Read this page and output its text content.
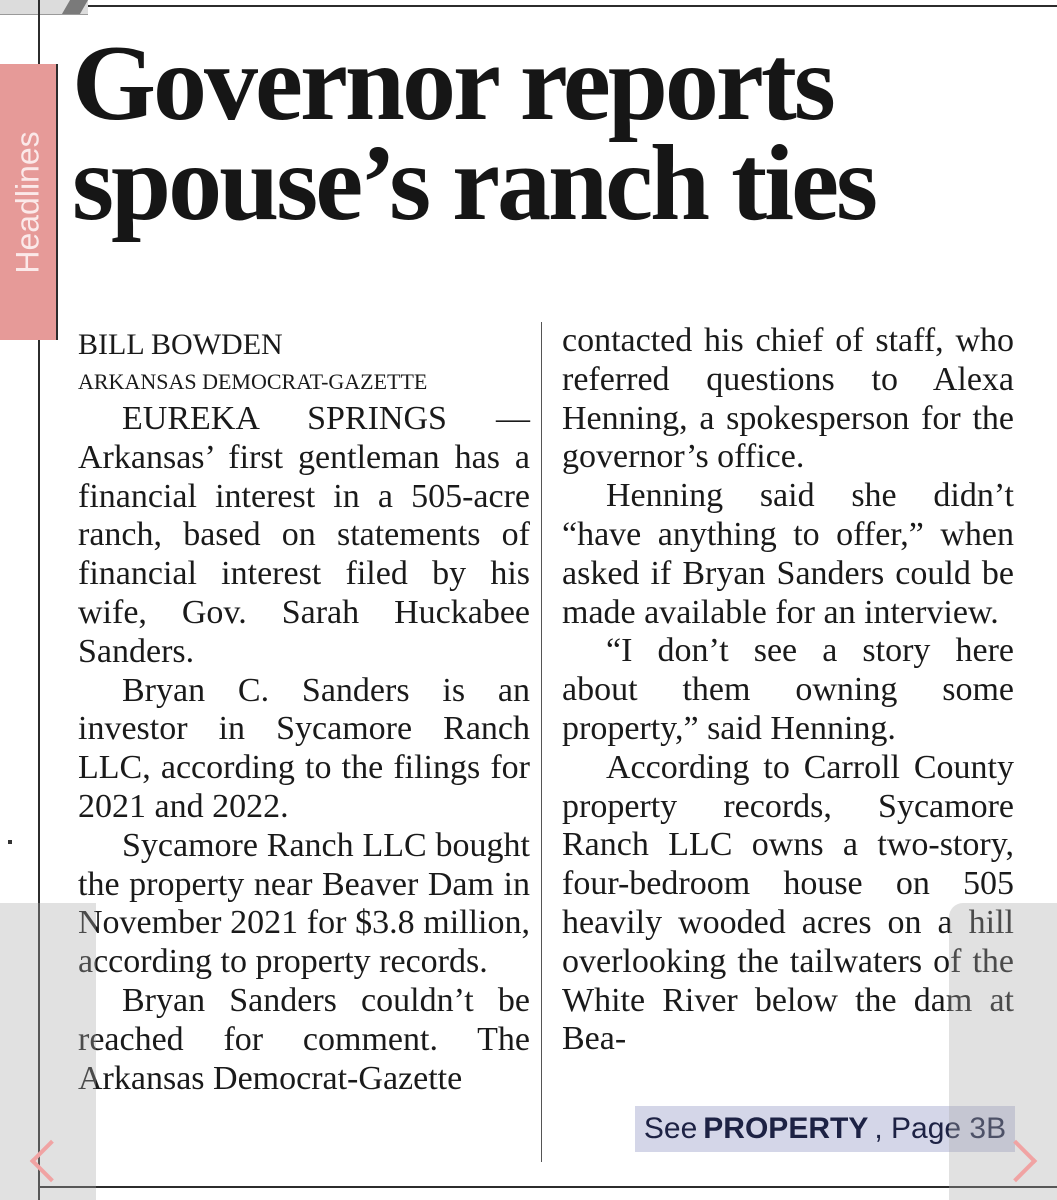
Headlines
Governor reports
spouse’s ranch ties

BILL BOWDEN

ARKANSAS DEMOCRAT-GAZETTE

EUREKA SPRINGS — Arkansas’ first gentleman has a financial interest in a 505-acre ranch, based on statements of financial interest filed by his wife, Gov. Sarah Huckabee Sanders.

Bryan C. Sanders is an investor in Sycamore Ranch LLC, according to the filings for 2021 and 2022.

Sycamore Ranch LLC bought the property near Beaver Dam in November 2021 for $3.8 million, according to property records.

Bryan Sanders couldn’t be reached for comment. The Arkansas Democrat-Gazette

contacted his chief of staff, who referred questions to Alexa Henning, a spokesperson for the governor’s office.

Henning said she didn’t “have anything to offer,” when asked if Bryan Sanders could be made available for an interview.

“I don’t see a story here about them owning some property,” said Henning.

According to Carroll County property records, Sycamore Ranch LLC owns a two-story, four-bedroom house on 505 heavily wooded acres on a hill overlooking the tailwaters of the White River below the dam at Bea-

See PROPERTY , Page 3B
